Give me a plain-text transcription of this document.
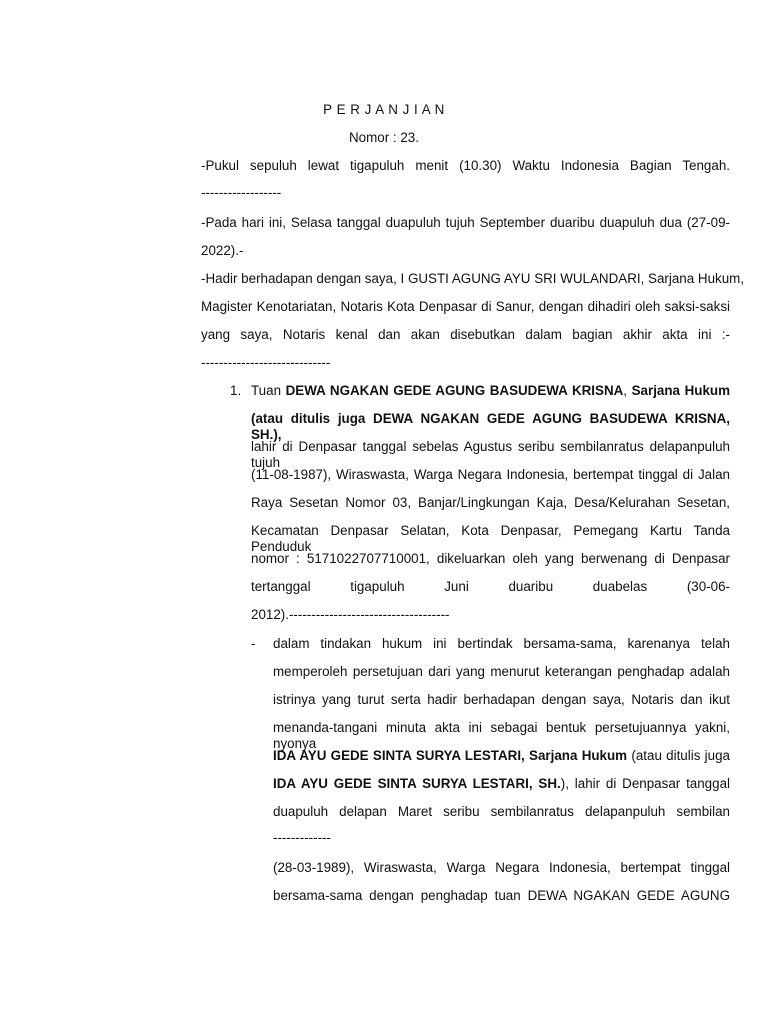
P E R J A N J I A N
Nomor : 23.
-Pukul sepuluh lewat tigapuluh menit (10.30) Waktu Indonesia Bagian Tengah.
------------------
-Pada hari ini, Selasa tanggal duapuluh tujuh September duaribu duapuluh dua (27-09-
2022).-
-Hadir berhadapan dengan saya, I GUSTI AGUNG AYU SRI WULANDARI, Sarjana Hukum,
Magister Kenotariatan, Notaris Kota Denpasar di Sanur, dengan dihadiri oleh saksi-saksi
yang saya, Notaris kenal dan akan disebutkan dalam bagian akhir akta ini :-
-----------------------------
1. Tuan DEWA NGAKAN GEDE AGUNG BASUDEWA KRISNA, Sarjana Hukum
(atau ditulis juga DEWA NGAKAN GEDE AGUNG BASUDEWA KRISNA, SH.),
lahir di Denpasar tanggal sebelas Agustus seribu sembilanratus delapanpuluh tujuh
(11-08-1987), Wiraswasta, Warga Negara Indonesia, bertempat tinggal di Jalan
Raya Sesetan Nomor 03, Banjar/Lingkungan Kaja, Desa/Kelurahan Sesetan,
Kecamatan Denpasar Selatan, Kota Denpasar, Pemegang Kartu Tanda Penduduk
nomor : 5171022707710001, dikeluarkan oleh yang berwenang di Denpasar
tertanggal tigapuluh Juni duaribu duabelas (30-06-
2012).------------------------------------
- dalam tindakan hukum ini bertindak bersama-sama, karenanya telah
memperoleh persetujuan dari yang menurut keterangan penghadap adalah
istrinya yang turut serta hadir berhadapan dengan saya, Notaris dan ikut
menanda-tangani minuta akta ini sebagai bentuk persetujuannya yakni, nyonya
IDA AYU GEDE SINTA SURYA LESTARI, Sarjana Hukum (atau ditulis juga
IDA AYU GEDE SINTA SURYA LESTARI, SH.), lahir di Denpasar tanggal
duapuluh delapan Maret seribu sembilanratus delapanpuluh sembilan
-------------
(28-03-1989), Wiraswasta, Warga Negara Indonesia, bertempat tinggal
bersama-sama dengan penghadap tuan DEWA NGAKAN GEDE AGUNG
